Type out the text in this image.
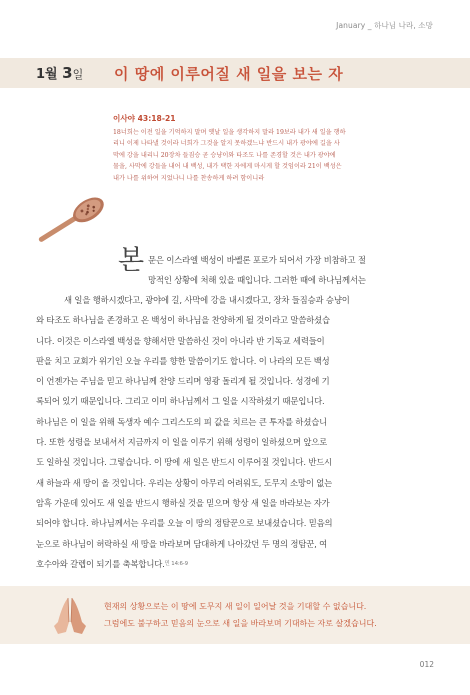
January _ 하나님 나라, 소망
1월 3일 이 땅에 이루어질 새 일을 보는 자
이사야 43:18-21
18너희는 이전 일을 기억하지 말며 옛날 일을 생각하지 말라 19보라 내가 새 일을 행하
리니 이제 나타낼 것이라 너희가 그것을 알지 못하겠느냐 반드시 내가 광야에 길을 사
막에 강을 내리니 20장차 들짐승 곧 승냥이와 타조도 나를 존경할 것은 내가 광야에
물을, 사막에 강들을 내어 내 백성, 내가 택한 자에게 마시게 할 것임이라 21이 백성은
내가 나를 위하여 지었나니 나를 찬송하게 하려 함이니라
본 문은 이스라엘 백성이 바벨론 포로가 되어서 가장 비참하고 절
망적인 상황에 처해 있을 때입니다. 그러한 때에 하나님께서는
새 일을 행하시겠다고, 광야에 길, 사막에 강을 내시겠다고, 장차 들짐승과 승냥이
와 타조도 하나님을 존경하고 온 백성이 하나님을 찬양하게 될 것이라고 말씀하셨습
니다. 이것은 이스라엘 백성을 향해서만 말씀하신 것이 아니라 반 기독교 세력들이
판을 치고 교회가 위기인 오늘 우리를 향한 말씀이기도 합니다. 이 나라의 모든 백성
이 언젠가는 주님을 믿고 하나님께 찬양 드리며 영광 돌리게 될 것입니다. 성경에 기
록되어 있기 때문입니다. 그리고 이미 하나님께서 그 일을 시작하셨기 때문입니다.
하나님은 이 일을 위해 독생자 예수 그리스도의 피 값을 치르는 큰 투자를 하셨습니
다. 또한 성령을 보내셔서 지금까지 이 일을 이루기 위해 성령이 일하셨으며 앞으로
도 일하실 것입니다. 그렇습니다. 이 땅에 새 일은 반드시 이루어질 것입니다. 반드시
새 하늘과 새 땅이 올 것입니다. 우리는 상황이 아무리 어려워도, 도무지 소망이 없는
암흑 가운데 있어도 새 일을 반드시 행하실 것을 믿으며 항상 새 일을 바라보는 자가
되어야 합니다. 하나님께서는 우리를 오늘 이 땅의 정탐꾼으로 보내셨습니다. 믿음의
눈으로 하나님이 허락하실 새 땅을 바라보며 담대하게 나아갔던 두 명의 정탐꾼, 여
호수아와 갈렙이 되기를 축복합니다.$^{민 14:6-9}$
현재의 상황으로는 이 땅에 도무지 새 일이 일어날 것을 기대할 수 없습니다.
그럼에도 불구하고 믿음의 눈으로 새 일을 바라보며 기대하는 자로 살겠습니다.
012
